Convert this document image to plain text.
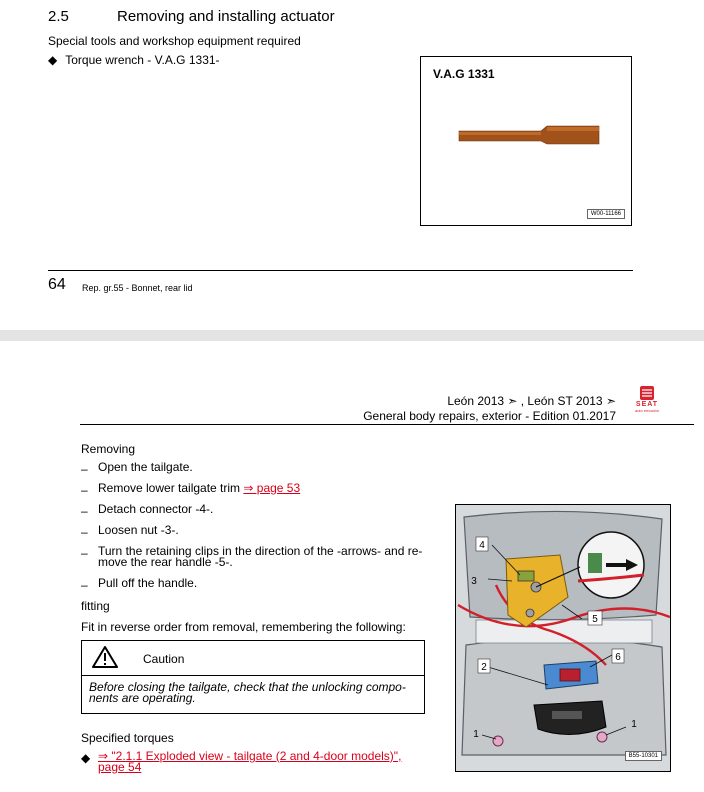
2.5	Removing and installing actuator
Special tools and workshop equipment required
◆ Torque wrench - V.A.G 1331-
V.A.G 1331
W00-11166
64 Rep. gr.55 - Bonnet, rear lid
León 2013 ➣ , León ST 2013 ➣
General body repairs, exterior - Edition 01.2017
SEAT
auto emoción
Removing
– Open the tailgate.
– Remove lower tailgate trim ⇒ page 53
– Detach connector -4-.
– Loosen nut -3-.
– Turn the retaining clips in the direction of the -arrows- and re-move the rear handle -5-.
– Pull off the handle.
fitting
Fit in reverse order from removal, remembering the following:
Caution
Before closing the tailgate, check that the unlocking compo-nents are operating.
Specified torques
◆ ⇒ "2.1.1 Exploded view - tailgate (2 and 4-door models)", page 54
4
3
5
2
6
1
1
B55-10301
